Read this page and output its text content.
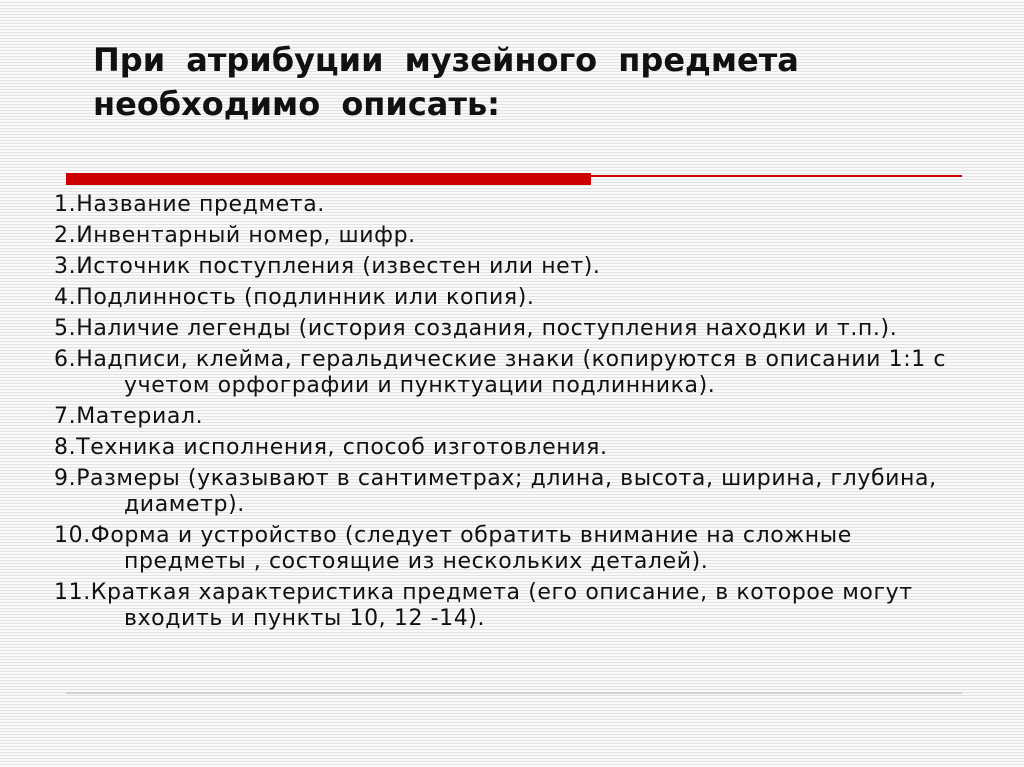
При атрибуции музейного предмета необходимо описать:
1.Название предмета.
2.Инвентарный номер, шифр.
3.Источник поступления (известен или нет).
4.Подлинность (подлинник или копия).
5.Наличие легенды (история создания, поступления находки и т.п.).
6.Надписи, клейма, геральдические знаки (копируются в описании 1:1 с учетом орфографии и пунктуации подлинника).
7.Материал.
8.Техника исполнения, способ изготовления.
9.Размеры (указывают в сантиметрах; длина, высота, ширина, глубина, диаметр).
10.Форма и устройство (следует обратить внимание на сложные предметы , состоящие из нескольких деталей).
11.Краткая характеристика предмета (его описание, в которое могут входить и пункты 10, 12 -14).
